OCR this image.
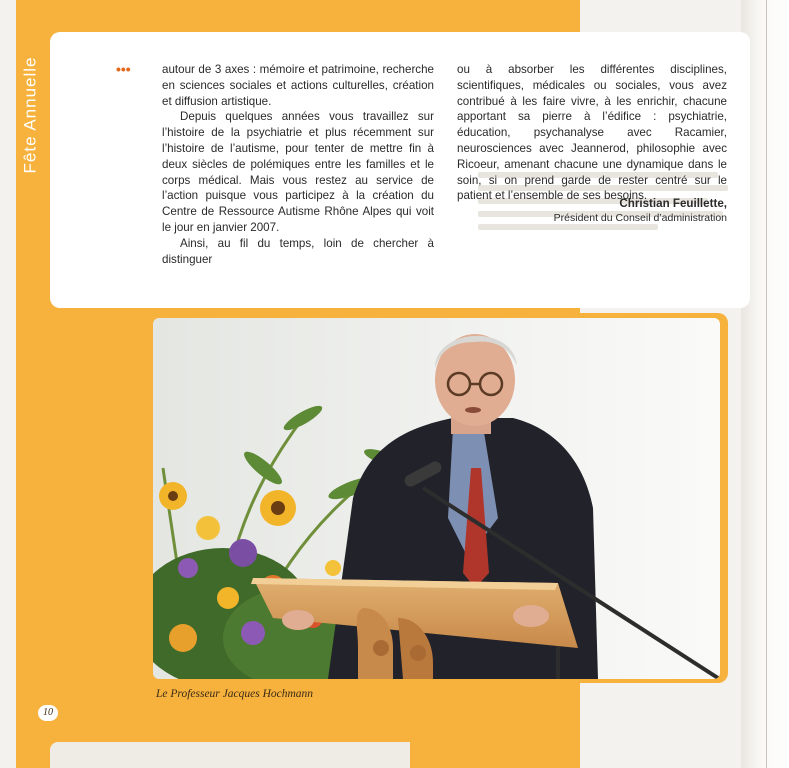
Fête Annuelle	•••	autour de 3 axes : mémoire et patrimoine, recherche en sciences sociales et actions culturelles, création et diffusion artistique.

Depuis quelques années vous travaillez sur l’histoire de la psychiatrie et plus récemment sur l’histoire de l’autisme, pour tenter de mettre fin à deux siècles de polémiques entre les familles et le corps médical. Mais vous restez au service de l’action puisque vous participez à la création du Centre de Ressource Autisme Rhône Alpes qui voit le jour en janvier 2007.

Ainsi, au fil du temps, loin de chercher à distinguer

ou à absorber les différentes disciplines, scientifiques, médicales ou sociales, vous avez contribué à les faire vivre, à les enrichir, chacune apportant sa pierre à l’édifice : psychiatrie, éducation, psychanalyse avec Racamier, neurosciences avec Jeannerod, philosophie avec Ricoeur, amenant chacune une dynamique dans le soin, si on prend garde de rester centré sur le patient et l’ensemble de ses besoins.

Christian Feuillette,
Président du Conseil d’administration
Le Professeur Jacques Hochmann
10
